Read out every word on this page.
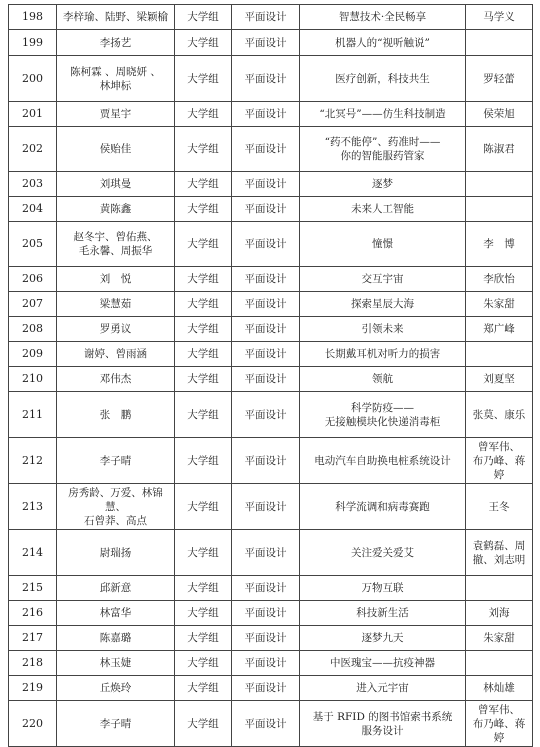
198	李梓瑜、陆野、梁颖榆	大学组	平面设计	智慧技术·全民畅享	马学义
199	李扬艺	大学组	平面设计	机器人的“视听触说”	
200	陈柯霖 、周晓妍 、
林坤标	大学组	平面设计	医疗创新，科技共生	罗轻蕾
201	贾星宇	大学组	平面设计	“北冥号”——仿生科技制造	侯荣旭
202	侯贻佳	大学组	平面设计	“药不能停”、药准时——
你的智能服药管家	陈淑君
203	刘琪曼	大学组	平面设计	逐梦	
204	黄陈鑫	大学组	平面设计	未来人工智能	
205	赵冬宇、曾佑燕、
毛永馨、周振华	大学组	平面设计	憧憬	李　博
206	刘　悦	大学组	平面设计	交互宇宙	李欣怡
207	梁慧茹	大学组	平面设计	探索星辰大海	朱家甜
208	罗勇议	大学组	平面设计	引领未来	郑广峰
209	谢婷、曾雨涵	大学组	平面设计	长期戴耳机对听力的损害	
210	邓伟杰	大学组	平面设计	领航	刘夏坚
211	张　鹏	大学组	平面设计	科学防疫——
无接触模块化快递消毒柜	张莫、康乐
212	李子晴	大学组	平面设计	电动汽车自助换电桩系统设计	曾军伟、
布乃峰、蒋婷
213	房秀龄、万爱、林锦慧、
石曾莽、高点	大学组	平面设计	科学流调和病毒赛跑	王冬
214	尉瑞扬	大学组	平面设计	关注爱关爱艾	袁鹤磊、周
撤、刘志明
215	邱新意	大学组	平面设计	万物互联	
216	林富华	大学组	平面设计	科技新生活	刘海
217	陈嘉璐	大学组	平面设计	逐梦九天	朱家甜
218	林玉婕	大学组	平面设计	中医瑰宝——抗疫神器	
219	丘焕玲	大学组	平面设计	进入元宇宙	林灿雄
220	李子晴	大学组	平面设计	基于 RFID 的图书馆索书系统
服务设计	曾军伟、
布乃峰、蒋婷
